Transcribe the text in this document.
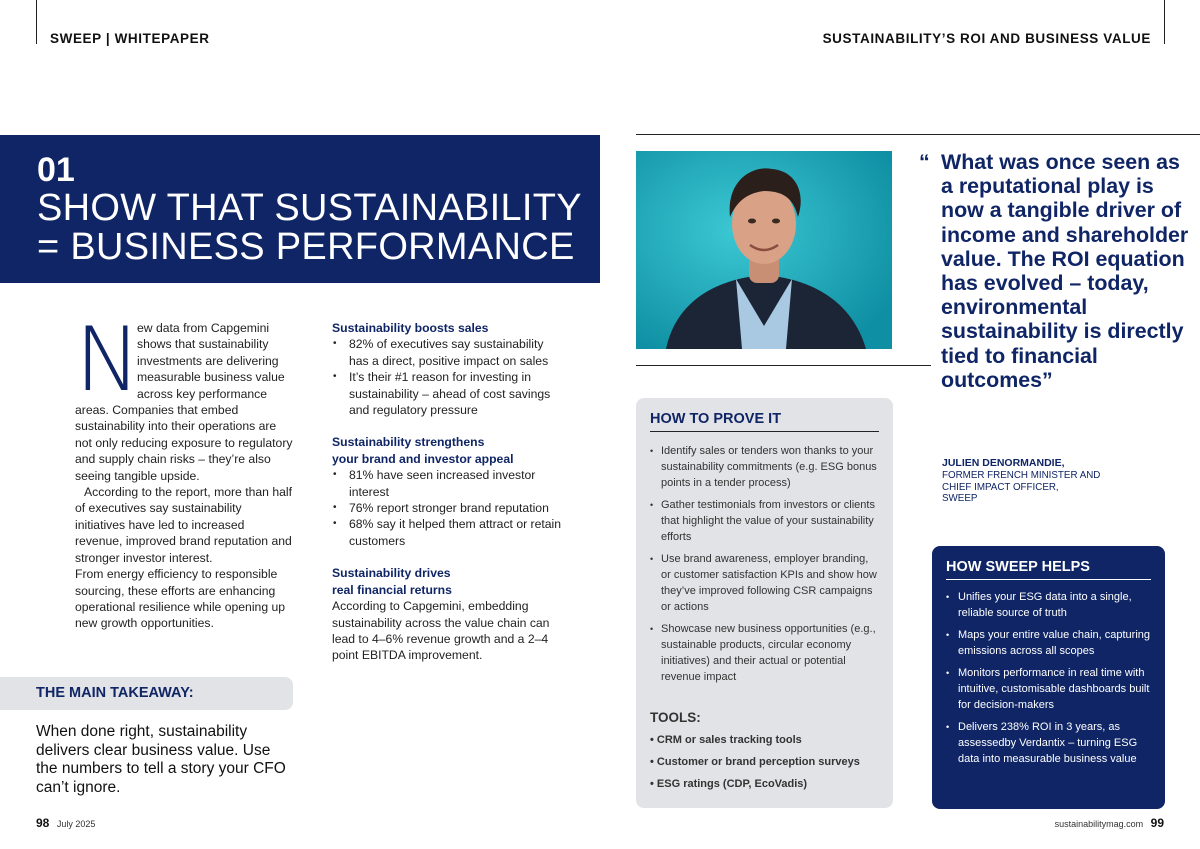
SWEEP | WHITEPAPER	SUSTAINABILITY’S ROI AND BUSINESS VALUE
01
SHOW THAT SUSTAINABILITY
= BUSINESS PERFORMANCE
N

ew data from Capgemini shows that sustainability investments are delivering measurable business value across key performance areas. Companies that embed sustainability into their operations are not only reducing exposure to regulatory and supply chain risks – they’re also seeing tangible upside.

According to the report, more than half of executives say sustainability initiatives have led to increased revenue, improved brand reputation and stronger investor interest.

From energy efficiency to responsible sourcing, these efforts are enhancing operational resilience while opening up new growth opportunities.

Sustainability boosts sales
• 82% of executives say sustainability has a direct, positive impact on sales
• It’s their #1 reason for investing in sustainability – ahead of cost savings and regulatory pressure
Sustainability strengthens
your brand and investor appeal
• 81% have seen increased investor interest
• 76% report stronger brand reputation
• 68% say it helped them attract or retain customers
Sustainability drives
real financial returns

According to Capgemini, embedding sustainability across the value chain can lead to 4–6% revenue growth and a 2–4 point EBITDA improvement.

THE MAIN TAKEAWAY:
When done right, sustainability delivers clear business value. Use the numbers to tell a story your CFO can’t ignore.
“ What was once seen as a reputational play is now a tangible driver of income and shareholder value. The ROI equation has evolved – today, environmental sustainability is directly tied to financial outcomes”
JULIEN DENORMANDIE,
FORMER FRENCH MINISTER AND
CHIEF IMPACT OFFICER,
SWEEP
HOW TO PROVE IT
• Identify sales or tenders won thanks to your sustainability commitments (e.g. ESG bonus points in a tender process)
• Gather testimonials from investors or clients that highlight the value of your sustainability efforts
• Use brand awareness, employer branding, or customer satisfaction KPIs and show how they’ve improved following CSR campaigns or actions
• Showcase new business opportunities (e.g., sustainable products, circular economy initiatives) and their actual or potential revenue impact
TOOLS:
• CRM or sales tracking tools
• Customer or brand perception surveys
• ESG ratings (CDP, EcoVadis)
HOW SWEEP HELPS
• Unifies your ESG data into a single, reliable source of truth
• Maps your entire value chain, capturing emissions across all scopes
• Monitors performance in real time with intuitive, customisable dashboards built for decision-makers
• Delivers 238% ROI in 3 years, as assessedby Verdantix – turning ESG data into measurable business value
98 July 2025	sustainabilitymag.com 99
